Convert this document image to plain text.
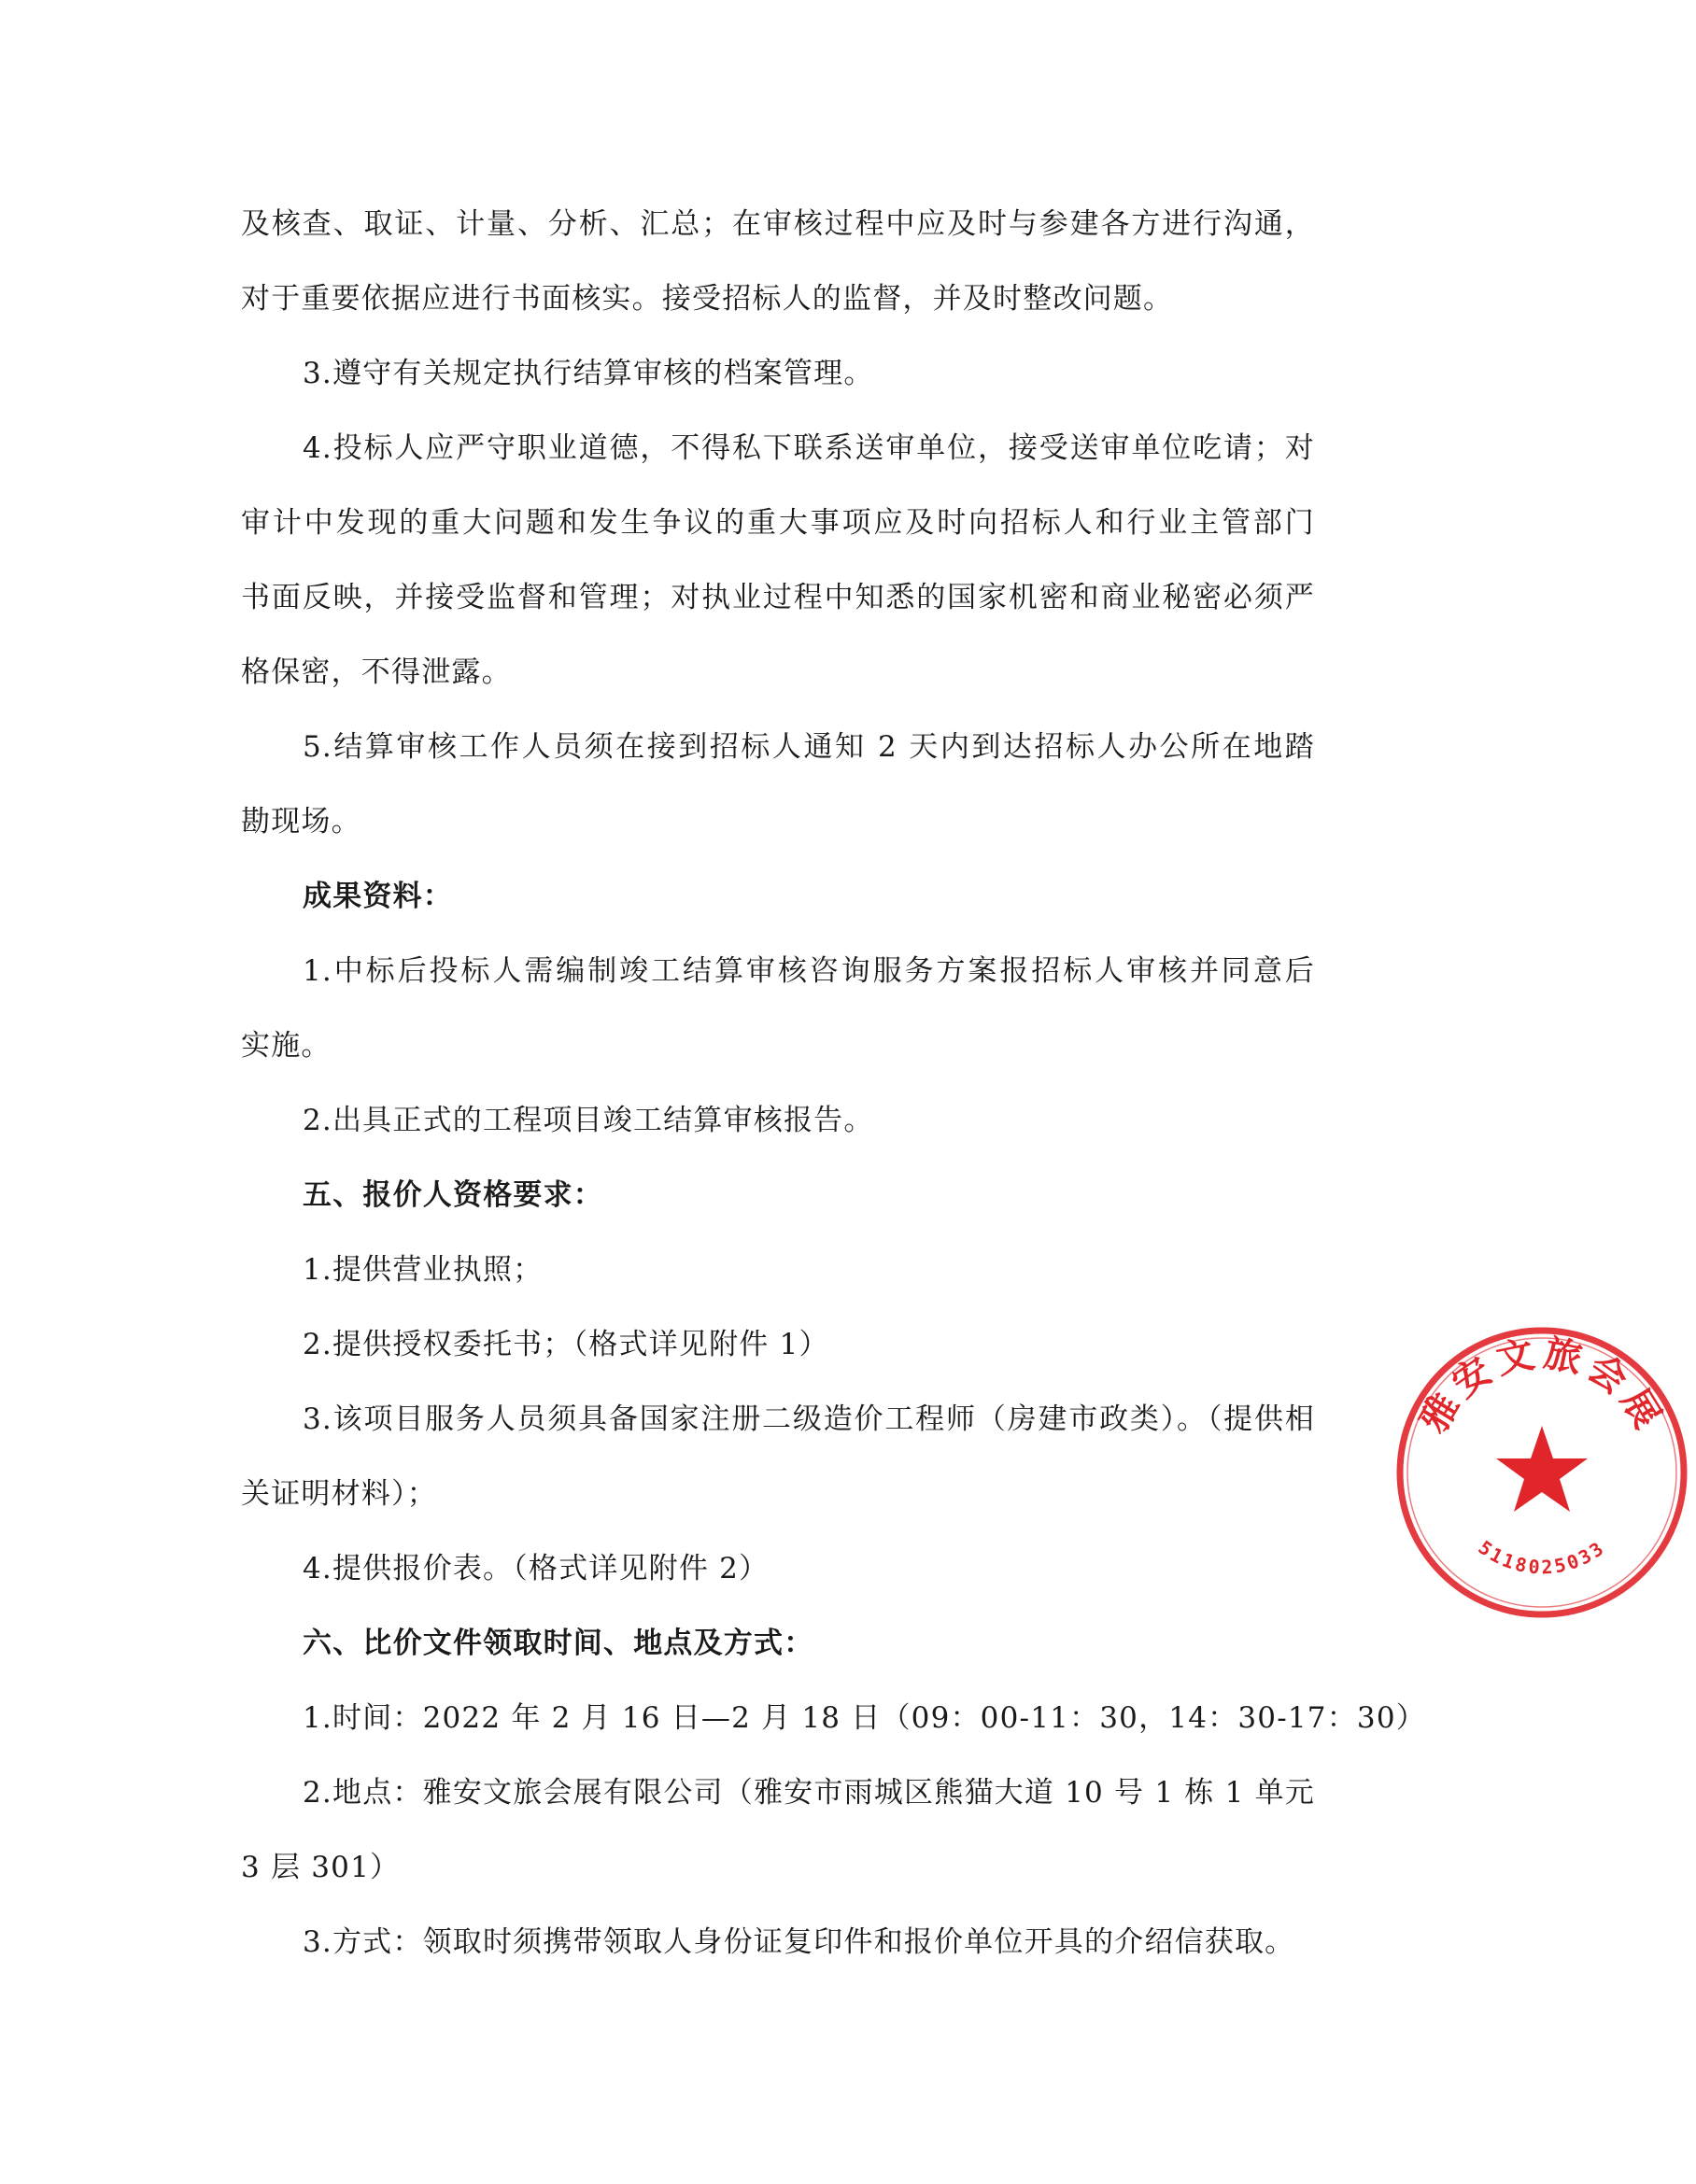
及核查、取证、计量、分析、汇总；在审核过程中应及时与参建各方进行沟通，
对于重要依据应进行书面核实。接受招标人的监督，并及时整改问题。
3.遵守有关规定执行结算审核的档案管理。
4.投标人应严守职业道德，不得私下联系送审单位，接受送审单位吃请；对
审计中发现的重大问题和发生争议的重大事项应及时向招标人和行业主管部门
书面反映，并接受监督和管理；对执业过程中知悉的国家机密和商业秘密必须严
格保密，不得泄露。
5.结算审核工作人员须在接到招标人通知 2 天内到达招标人办公所在地踏
勘现场。
成果资料：
1.中标后投标人需编制竣工结算审核咨询服务方案报招标人审核并同意后
实施。
2.出具正式的工程项目竣工结算审核报告。
五、报价人资格要求：
1.提供营业执照；
2.提供授权委托书；（格式详见附件 1）
3.该项目服务人员须具备国家注册二级造价工程师（房建市政类）。（提供相
关证明材料）；
4.提供报价表。（格式详见附件 2）
六、比价文件领取时间、地点及方式：
1.时间：2022 年 2 月 16 日—2 月 18 日（09：00-11：30，14：30-17：30）
2.地点：雅安文旅会展有限公司（雅安市雨城区熊猫大道 10 号 1 栋 1 单元
3 层 301）
3.方式：领取时须携带领取人身份证复印件和报价单位开具的介绍信获取。
雅安文旅会展
5118025033
